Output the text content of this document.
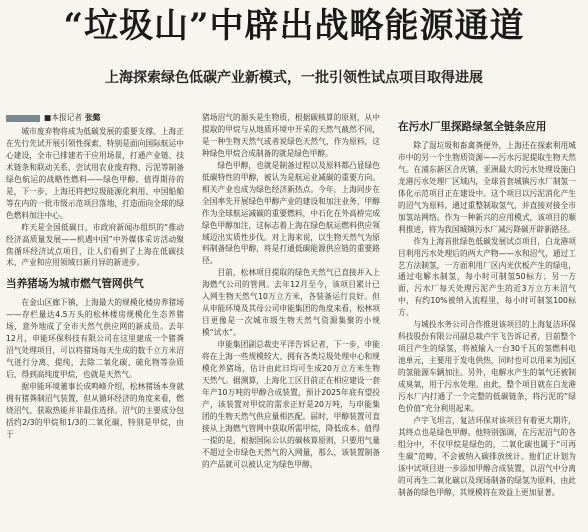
“垃圾山”中辟出战略能源通道
上海探索绿色低碳产业新模式，一批引领性试点项目取得进展
■本报记者 张懿

城市废弃物将成为低碳发展的重要支撑。上海正在先行先试开展引领性探索，特别是面向国际航运中心建设，全市已排建若干应用场景，打通产业链、技术链条和联动关系，尝试用农业废弃物、污泥等制备绿色航运的战略性燃料——绿色甲醇。值得期待的是，下一步，上海还将把垃圾能源化利用、中国船舶等在内的一批市级示范项目落地，打造面向全球的绿色燃料加注中心。

昨天是全国低碳日，市政府新闻办组织的“推动经济高质量发展——机遇中国”中外媒体采访活动聚焦循环经济试点项目，让人们看到了上海在低碳技术、产业和应用领域日新月异的新进步。

当养猪场为城市燃气管网供气

在金山区廊下镇，上海最大的规模化楼房养猪场——存栏量达4.5万头的松林楼房规模化生态养猪场，意外地成了全市天然气供应网的新成员。去年12月，申能环保科技有限公司在这里建成一个猪粪沼气处理项目，可以将猪场每天生成的数千立方米沼气进行分离、提纯，去除二氧化碳、硫化物等杂质后，得到高纯度甲烷，也就是天然气。

据申能环境董事长成鸣峰介绍，松林猪场本身就拥有猪粪制沼气装置，但从循环经济的角度来看，燃烧沼气、获取热能并非最佳选择。沼气的主要成分包括约2/3的甲烷和1/3的二氧化碳，特别是甲烷，由于

猪场沼气的源头是生物质，根据碳核算的原则，从中提取的甲烷与从地质环境中开采的天然气截然不同，是一种生物天然气或者说绿色天然气，作为原料，这种绿色甲烷合成制备的就是绿色甲醇。

绿色甲醇，也就是制备过程以及原料都凸显绿色低碳特性的甲醇，被认为是航运业减碳的重要方向。相关产业也成为绿色经济新热点。今年，上海同步在全国率先开展绿色甲醇产业的建设和加注业务，甲醇作为全球航运减碳的重要燃料，中石化在外高桥完成绿色甲醇加注，这标志着上海在绿色航运燃料供应领域迈出实质性步伐。对上海来说，以生物天然气为原料制备绿色甲醇，将是打通低碳能源供应链的重要路径。

目前，松林项目提取的绿色天然气已直接并入上海燃气公司的管网。去年12月至今，该项目累计已入网生物天然气10万立方米，各装备运行良好。但从申能环境及其母公司申能集团的角度来看，松林项目更像是一次城市级生物天然气资源集聚的小规模“试水”。

申能集团副总裁史平洋告诉记者，下一步，申能将在上海一些规模较大、拥有各类垃圾处理中心和规模化养猪场，估计由此日均可生成20万立方米生物天然气。据测算，上海化工区目前正在相应建设一套年产10万吨的甲醇合成装置，预计2025年底有望投产，该装置对甲烷的需求正好是20万吨，与申能集团的生物天然气供应量相匹配。届时，甲醇装置可直接从上海燃气管网中获取所需甲烷，降低成本。值得一提的是，根据国际公认的碳核算原则，只要用气量不超过全市绿色天然气的入网量，那么，该装置制备的产品就可以被认定为绿色甲醇。

在污水厂里探路绿氢全链条应用

除了湿垃圾和畜禽粪便外，上海还在探索利用城市中的另一个生物质资源——污水污泥提取生物天然气。在浦东新区合庆镇，亚洲最大的污水处理设施白龙港污水处理厂区域内，全球首套城镇污水厂制氢一体化示范项目正在建设中。这个项目以污泥消化产生的沼气为原料，通过重整制取氢气，并直接对接全市加氢站网络。作为一种新兴的应用模式，该项目的顺利推进，将为我国城镇污水厂减污降碳开辟新路径。

作为上海首批绿色低碳发展试点项目，白龙港项目利用污水处理后的两大产物——水和沼气，通过工艺方法制氢，一方面利用厂区内光伏板产生的绿电，通过电解水制氢，每小时可制氢50标方；另一方面，污水厂每天处理污泥产生的近3万立方米沼气中，有约10%被纳入流程里，每小时可制氢100标方。

与城投水务公司合作推进该项目的上海复洁环保科技股份有限公司副总裁卢宇飞告诉记者，目前整个项目产生的绿氢，将被输入一台30千瓦的氢燃料电池单元，主要用于发电供热，同时也可以用来为园区的氢能源车辆加注。另外，电解水产生的氧气还被制成臭氧，用于污水处理。由此，整个项目就在白龙港污水厂内打通了一个完整的低碳链条，将污泥的“绿色价值”充分利用起来。

卢宇飞坦言，复洁环保对该项目有着更大期许，其终点也是绿色甲醇。他特别强调，在污泥沼气的各组分中，不仅甲烷是绿色的，二氧化碳也属于“可再生碳”范畴，不会被纳入碳排放统计。他们正计划为该中试项目进一步添加甲醇合成装置，以沼气中分离的可再生二氧化碳以及现场制备的绿氢为原料，由此制备的绿色甲醇，其规模将在效益上更加显著。
